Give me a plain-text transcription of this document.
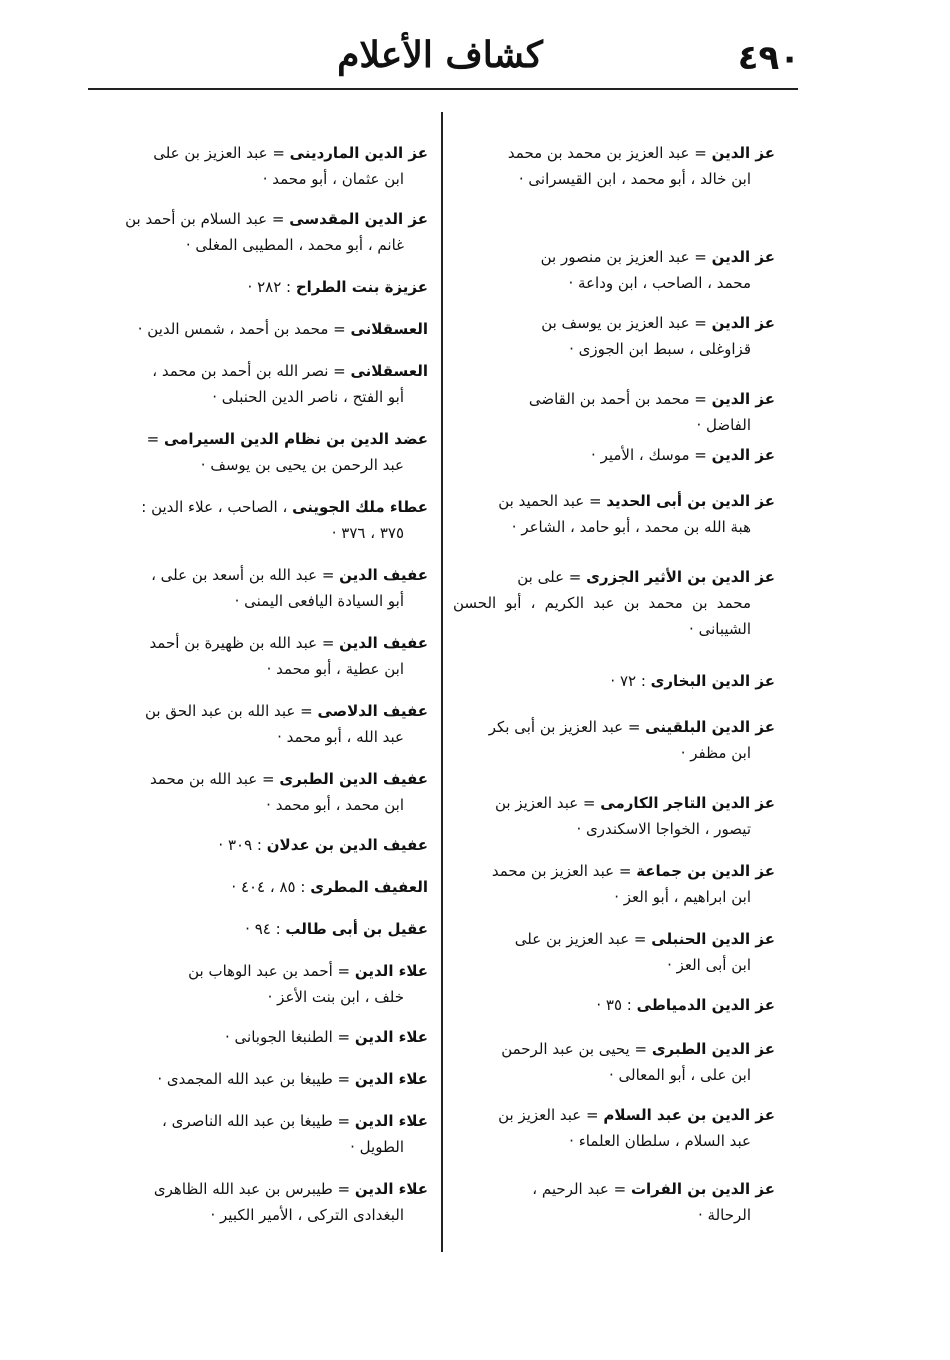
٤٩٠
كشاف الأعلام
عز الدين = عبد العزيز بن محمد بن محمد
ابن خالد ، أبو محمد ، ابن القيسرانى ·
عز الدين = عبد العزيز بن منصور بن
محمد ، الصاحب ، ابن وداعة ·
عز الدين = عبد العزيز بن يوسف بن
قزاوغلى ، سبط ابن الجوزى ·
عز الدين = محمد بن أحمد بن القاضى
الفاضل ·
عز الدين = موسك ، الأمير ·
عز الدين بن أبى الحديد = عبد الحميد بن
هبة الله بن محمد ، أبو حامد ، الشاعر ·
عز الدين بن الأثير الجزرى = على بن
محمد بن محمد بن عبد الكريم ، أبو الحسن الشيبانى ·
عز الدين البخارى : ٧٢ ·
عز الدين البلقينى = عبد العزيز بن أبى بكر
ابن مظفر ·
عز الدين التاجر الكارمى = عبد العزيز بن
تيصور ، الخواجا الاسكندرى ·
عز الدين بن جماعة = عبد العزيز بن محمد
ابن ابراهيم ، أبو العز ·
عز الدين الحنبلى = عبد العزيز بن على
ابن أبى العز ·
عز الدين الدمياطى : ٣٥ ·
عز الدين الطبرى = يحيى بن عبد الرحمن
ابن على ، أبو المعالى ·
عز الدين بن عبد السلام = عبد العزيز بن
عبد السلام ، سلطان العلماء ·
عز الدين بن الفرات = عبد الرحيم ،
الرحالة ·
عز الدين الماردينى = عبد العزيز بن على
ابن عثمان ، أبو محمد ·
عز الدين المقدسى = عبد السلام بن أحمد بن
غانم ، أبو محمد ، المطيبى المغلى ·
عزيزة بنت الطراح : ٢٨٢ ·
العسقلانى = محمد بن أحمد ، شمس الدين ·
العسقلانى = نصر الله بن أحمد بن محمد ،
أبو الفتح ، ناصر الدين الحنبلى ·
عضد الدين بن نظام الدين السيرامى =
عبد الرحمن بن يحيى بن يوسف ·
عطاء ملك الجوينى ، الصاحب ، علاء الدين :
٣٧٥ ، ٣٧٦ ·
عفيف الدين = عبد الله بن أسعد بن على ،
أبو السيادة اليافعى اليمنى ·
عفيف الدين = عبد الله بن ظهيرة بن أحمد
ابن عطية ، أبو محمد ·
عفيف الدلاصى = عبد الله بن عبد الحق بن
عبد الله ، أبو محمد ·
عفيف الدين الطبرى = عبد الله بن محمد
ابن محمد ، أبو محمد ·
عفيف الدين بن عدلان : ٣٠٩ ·
العفيف المطرى : ٨٥ ، ٤٠٤ ·
عقيل بن أبى طالب : ٩٤ ·
علاء الدين = أحمد بن عبد الوهاب بن
خلف ، ابن بنت الأعز ·
علاء الدين = الطنبغا الجوبانى ·
علاء الدين = طيبغا بن عبد الله المجمدى ·
علاء الدين = طيبغا بن عبد الله الناصرى ،
الطويل ·
علاء الدين = طيبرس بن عبد الله الظاهرى
البغدادى التركى ، الأمير الكبير ·
